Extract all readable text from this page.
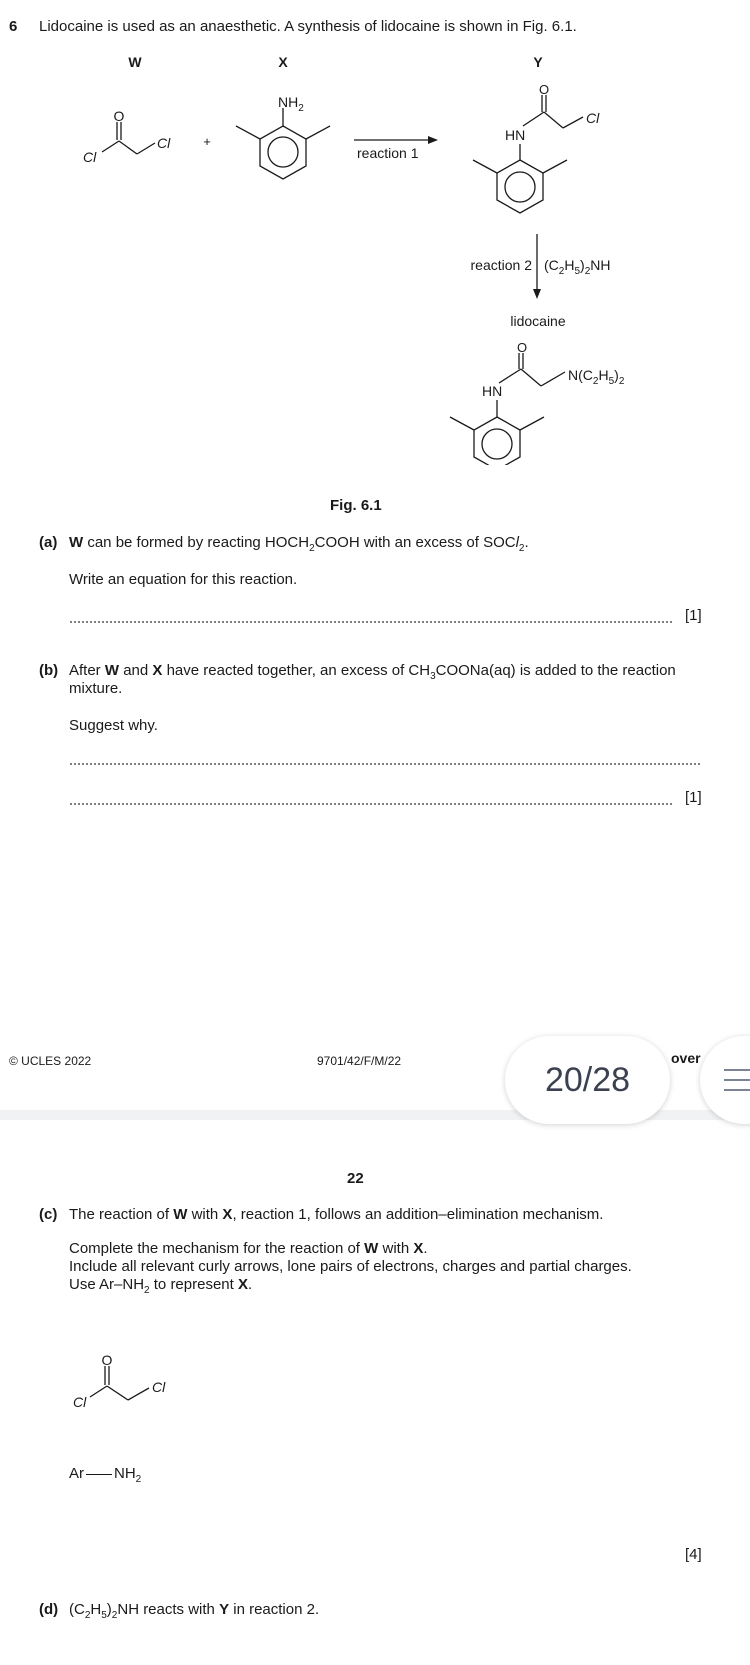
6 Lidocaine is used as an anaesthetic. A synthesis of lidocaine is shown in Fig. 6.1.
W	X	Y
O
Cl
Cl	+
$NH_2$
reaction 1
O
HN
Cl
reaction 2 $(C_2H_5)_2NH$
lidocaine
O
HN
$N(C_2H_5)_2$
Fig. 6.1
(a) W can be formed by reacting $HOCH_2COOH$ with an excess of SOCl$_2$.
Write an equation for this reaction.
[1]
(b) After W and X have reacted together, an excess of $CH_3COONa(aq)$ is added to the reaction
mixture.
Suggest why.
[1]
© UCLES 2022	9701/42/F/M/22	over
20/28
22
(c) The reaction of W with X, reaction 1, follows an addition–elimination mechanism.
Complete the mechanism for the reaction of W with X.
Include all relevant curly arrows, lone pairs of electrons, charges and partial charges.
Use $Ar-NH_2$ to represent X.
O
Cl
Cl
Ar $NH_2$
[4]
(d) $(C_2H_5)_2NH$ reacts with Y in reaction 2.
